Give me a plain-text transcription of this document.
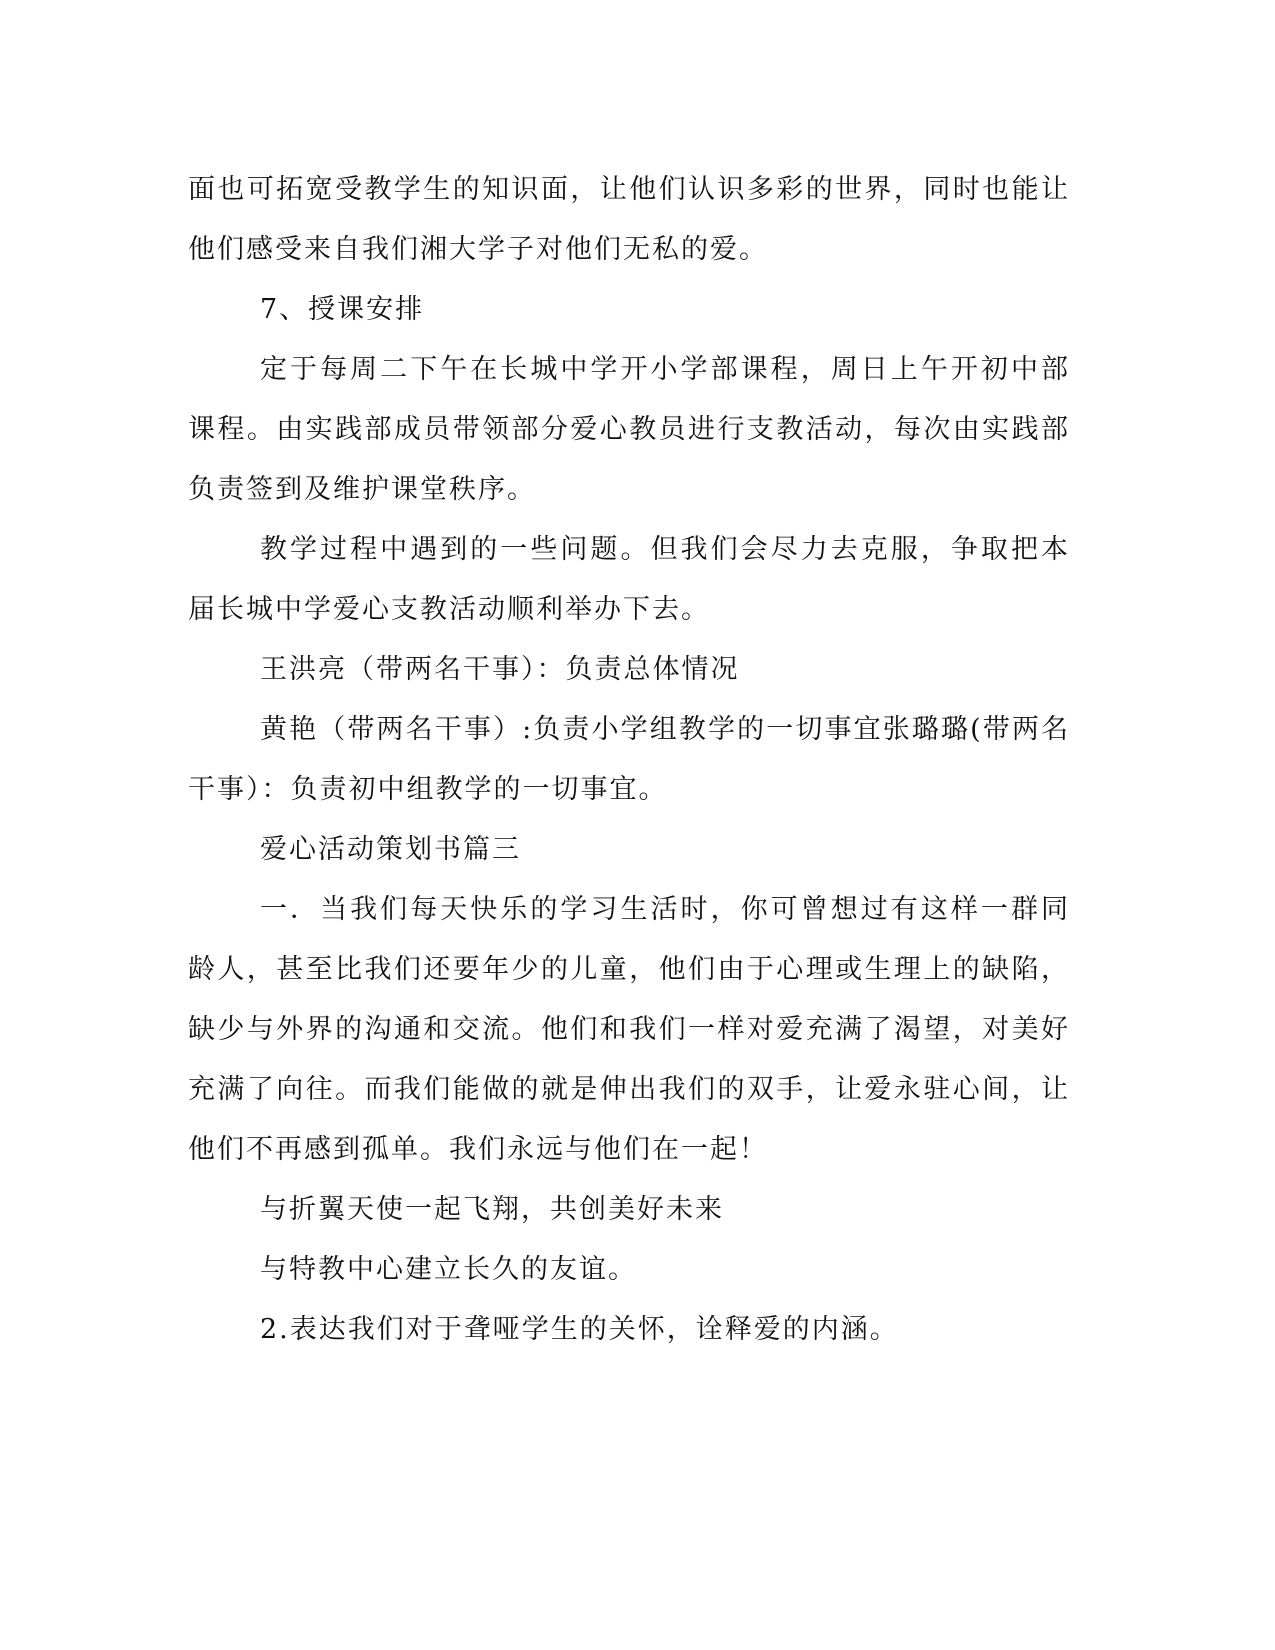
面也可拓宽受教学生的知识面，让他们认识多彩的世界，同时也能让他们感受来自我们湘大学子对他们无私的爱。

7、授课安排

定于每周二下午在长城中学开小学部课程，周日上午开初中部课程。由实践部成员带领部分爱心教员进行支教活动，每次由实践部负责签到及维护课堂秩序。

教学过程中遇到的一些问题。但我们会尽力去克服，争取把本届长城中学爱心支教活动顺利举办下去。

王洪亮（带两名干事）：负责总体情况

黄艳（带两名干事）:负责小学组教学的一切事宜张璐璐(带两名干事）：负责初中组教学的一切事宜。

爱心活动策划书篇三

一．当我们每天快乐的学习生活时，你可曾想过有这样一群同龄人，甚至比我们还要年少的儿童，他们由于心理或生理上的缺陷，缺少与外界的沟通和交流。他们和我们一样对爱充满了渴望，对美好充满了向往。而我们能做的就是伸出我们的双手，让爱永驻心间，让他们不再感到孤单。我们永远与他们在一起！

与折翼天使一起飞翔，共创美好未来

与特教中心建立长久的友谊。

2.表达我们对于聋哑学生的关怀，诠释爱的内涵。
